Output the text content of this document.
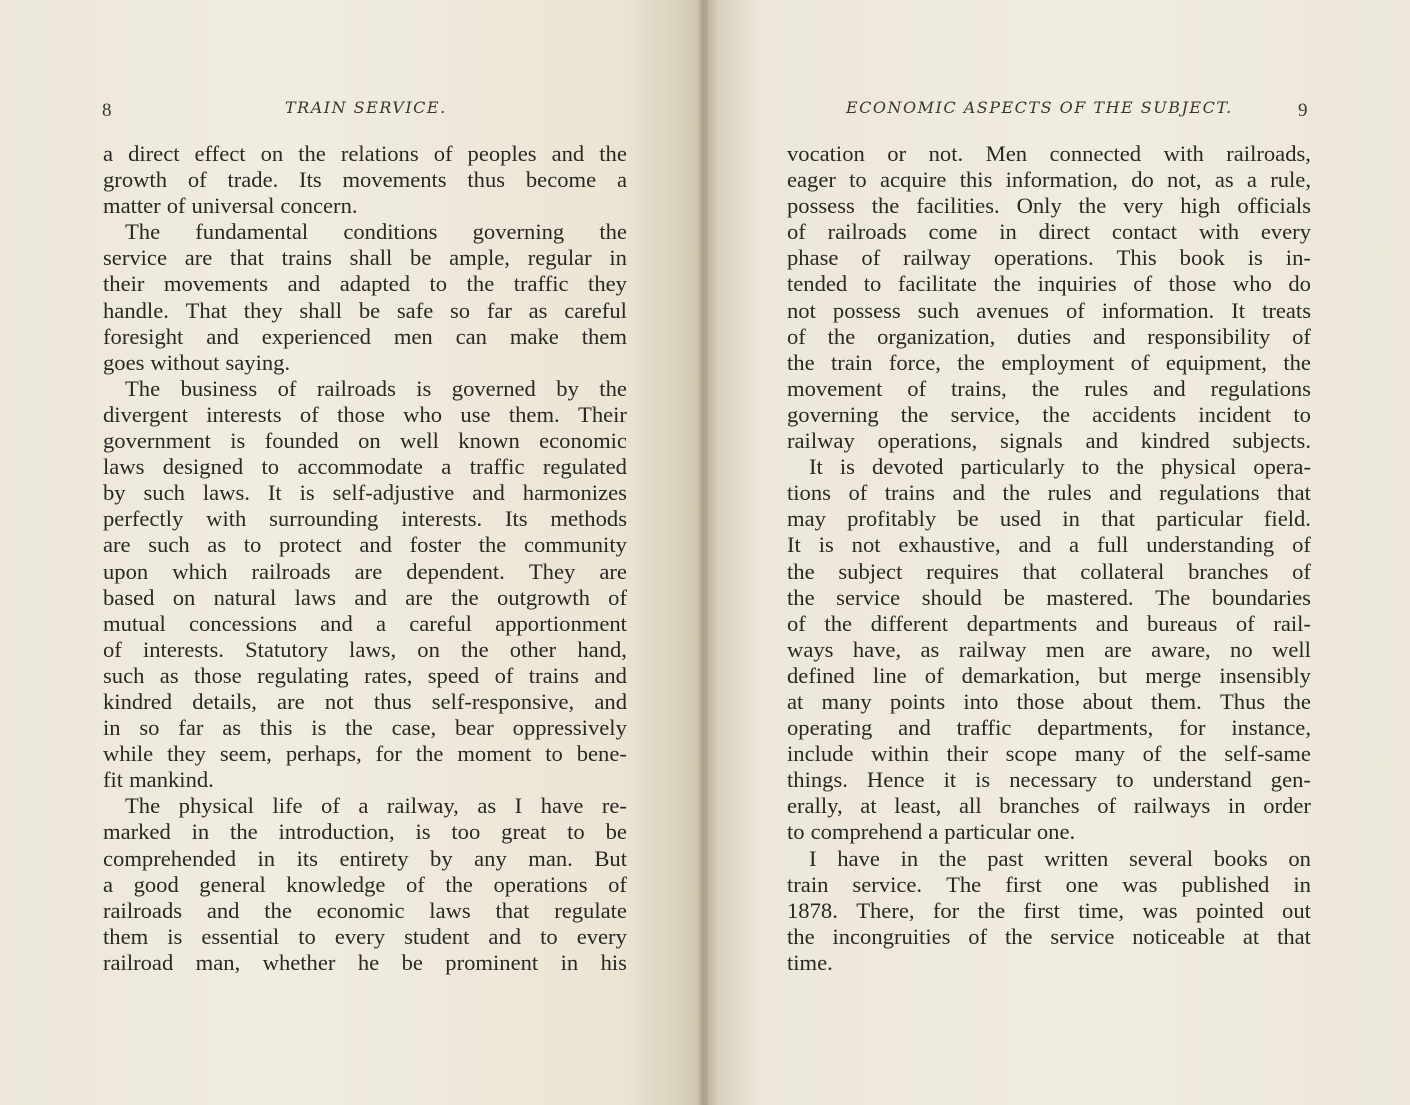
8	TRAIN SERVICE.
a direct effect on the relations of peoples and the
growth of trade. Its movements thus become a
matter of universal concern.
The fundamental conditions governing the
service are that trains shall be ample, regular in
their movements and adapted to the traffic they
handle. That they shall be safe so far as careful
foresight and experienced men can make them
goes without saying.
The business of railroads is governed by the
divergent interests of those who use them. Their
government is founded on well known economic
laws designed to accommodate a traffic regulated
by such laws. It is self-adjustive and harmonizes
perfectly with surrounding interests. Its methods
are such as to protect and foster the community
upon which railroads are dependent. They are
based on natural laws and are the outgrowth of
mutual concessions and a careful apportionment
of interests. Statutory laws, on the other hand,
such as those regulating rates, speed of trains and
kindred details, are not thus self-responsive, and
in so far as this is the case, bear oppressively
while they seem, perhaps, for the moment to bene-
fit mankind.
The physical life of a railway, as I have re-
marked in the introduction, is too great to be
comprehended in its entirety by any man. But
a good general knowledge of the operations of
railroads and the economic laws that regulate
them is essential to every student and to every
railroad man, whether he be prominent in his
ECONOMIC ASPECTS OF THE SUBJECT.	9
vocation or not. Men connected with railroads,
eager to acquire this information, do not, as a rule,
possess the facilities. Only the very high officials
of railroads come in direct contact with every
phase of railway operations. This book is in-
tended to facilitate the inquiries of those who do
not possess such avenues of information. It treats
of the organization, duties and responsibility of
the train force, the employment of equipment, the
movement of trains, the rules and regulations
governing the service, the accidents incident to
railway operations, signals and kindred subjects.
It is devoted particularly to the physical opera-
tions of trains and the rules and regulations that
may profitably be used in that particular field.
It is not exhaustive, and a full understanding of
the subject requires that collateral branches of
the service should be mastered. The boundaries
of the different departments and bureaus of rail-
ways have, as railway men are aware, no well
defined line of demarkation, but merge insensibly
at many points into those about them. Thus the
operating and traffic departments, for instance,
include within their scope many of the self-same
things. Hence it is necessary to understand gen-
erally, at least, all branches of railways in order
to comprehend a particular one.
I have in the past written several books on
train service. The first one was published in
1878. There, for the first time, was pointed out
the incongruities of the service noticeable at that
time.
